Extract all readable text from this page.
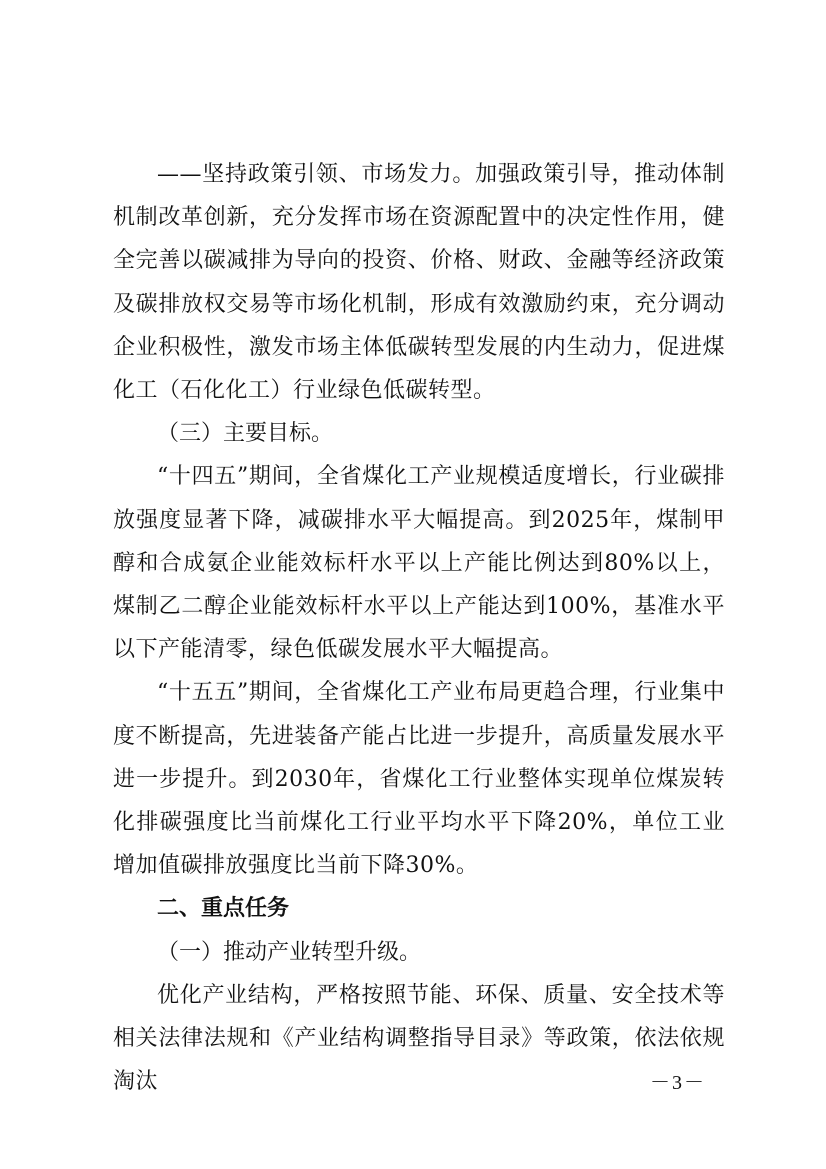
——坚持政策引领、市场发力。加强政策引导，推动体制机制改革创新，充分发挥市场在资源配置中的决定性作用，健全完善以碳减排为导向的投资、价格、财政、金融等经济政策及碳排放权交易等市场化机制，形成有效激励约束，充分调动企业积极性，激发市场主体低碳转型发展的内生动力，促进煤化工（石化化工）行业绿色低碳转型。

（三）主要目标。

“十四五”期间，全省煤化工产业规模适度增长，行业碳排放强度显著下降，减碳排水平大幅提高。到2025年，煤制甲醇和合成氨企业能效标杆水平以上产能比例达到80%以上，煤制乙二醇企业能效标杆水平以上产能达到100%，基准水平以下产能清零，绿色低碳发展水平大幅提高。

“十五五”期间，全省煤化工产业布局更趋合理，行业集中度不断提高，先进装备产能占比进一步提升，高质量发展水平进一步提升。到2030年，省煤化工行业整体实现单位煤炭转化排碳强度比当前煤化工行业平均水平下降20%，单位工业增加值碳排放强度比当前下降30%。

二、重点任务

（一）推动产业转型升级。

优化产业结构，严格按照节能、环保、质量、安全技术等相关法律法规和《产业结构调整指导目录》等政策，依法依规淘汰	－3－
